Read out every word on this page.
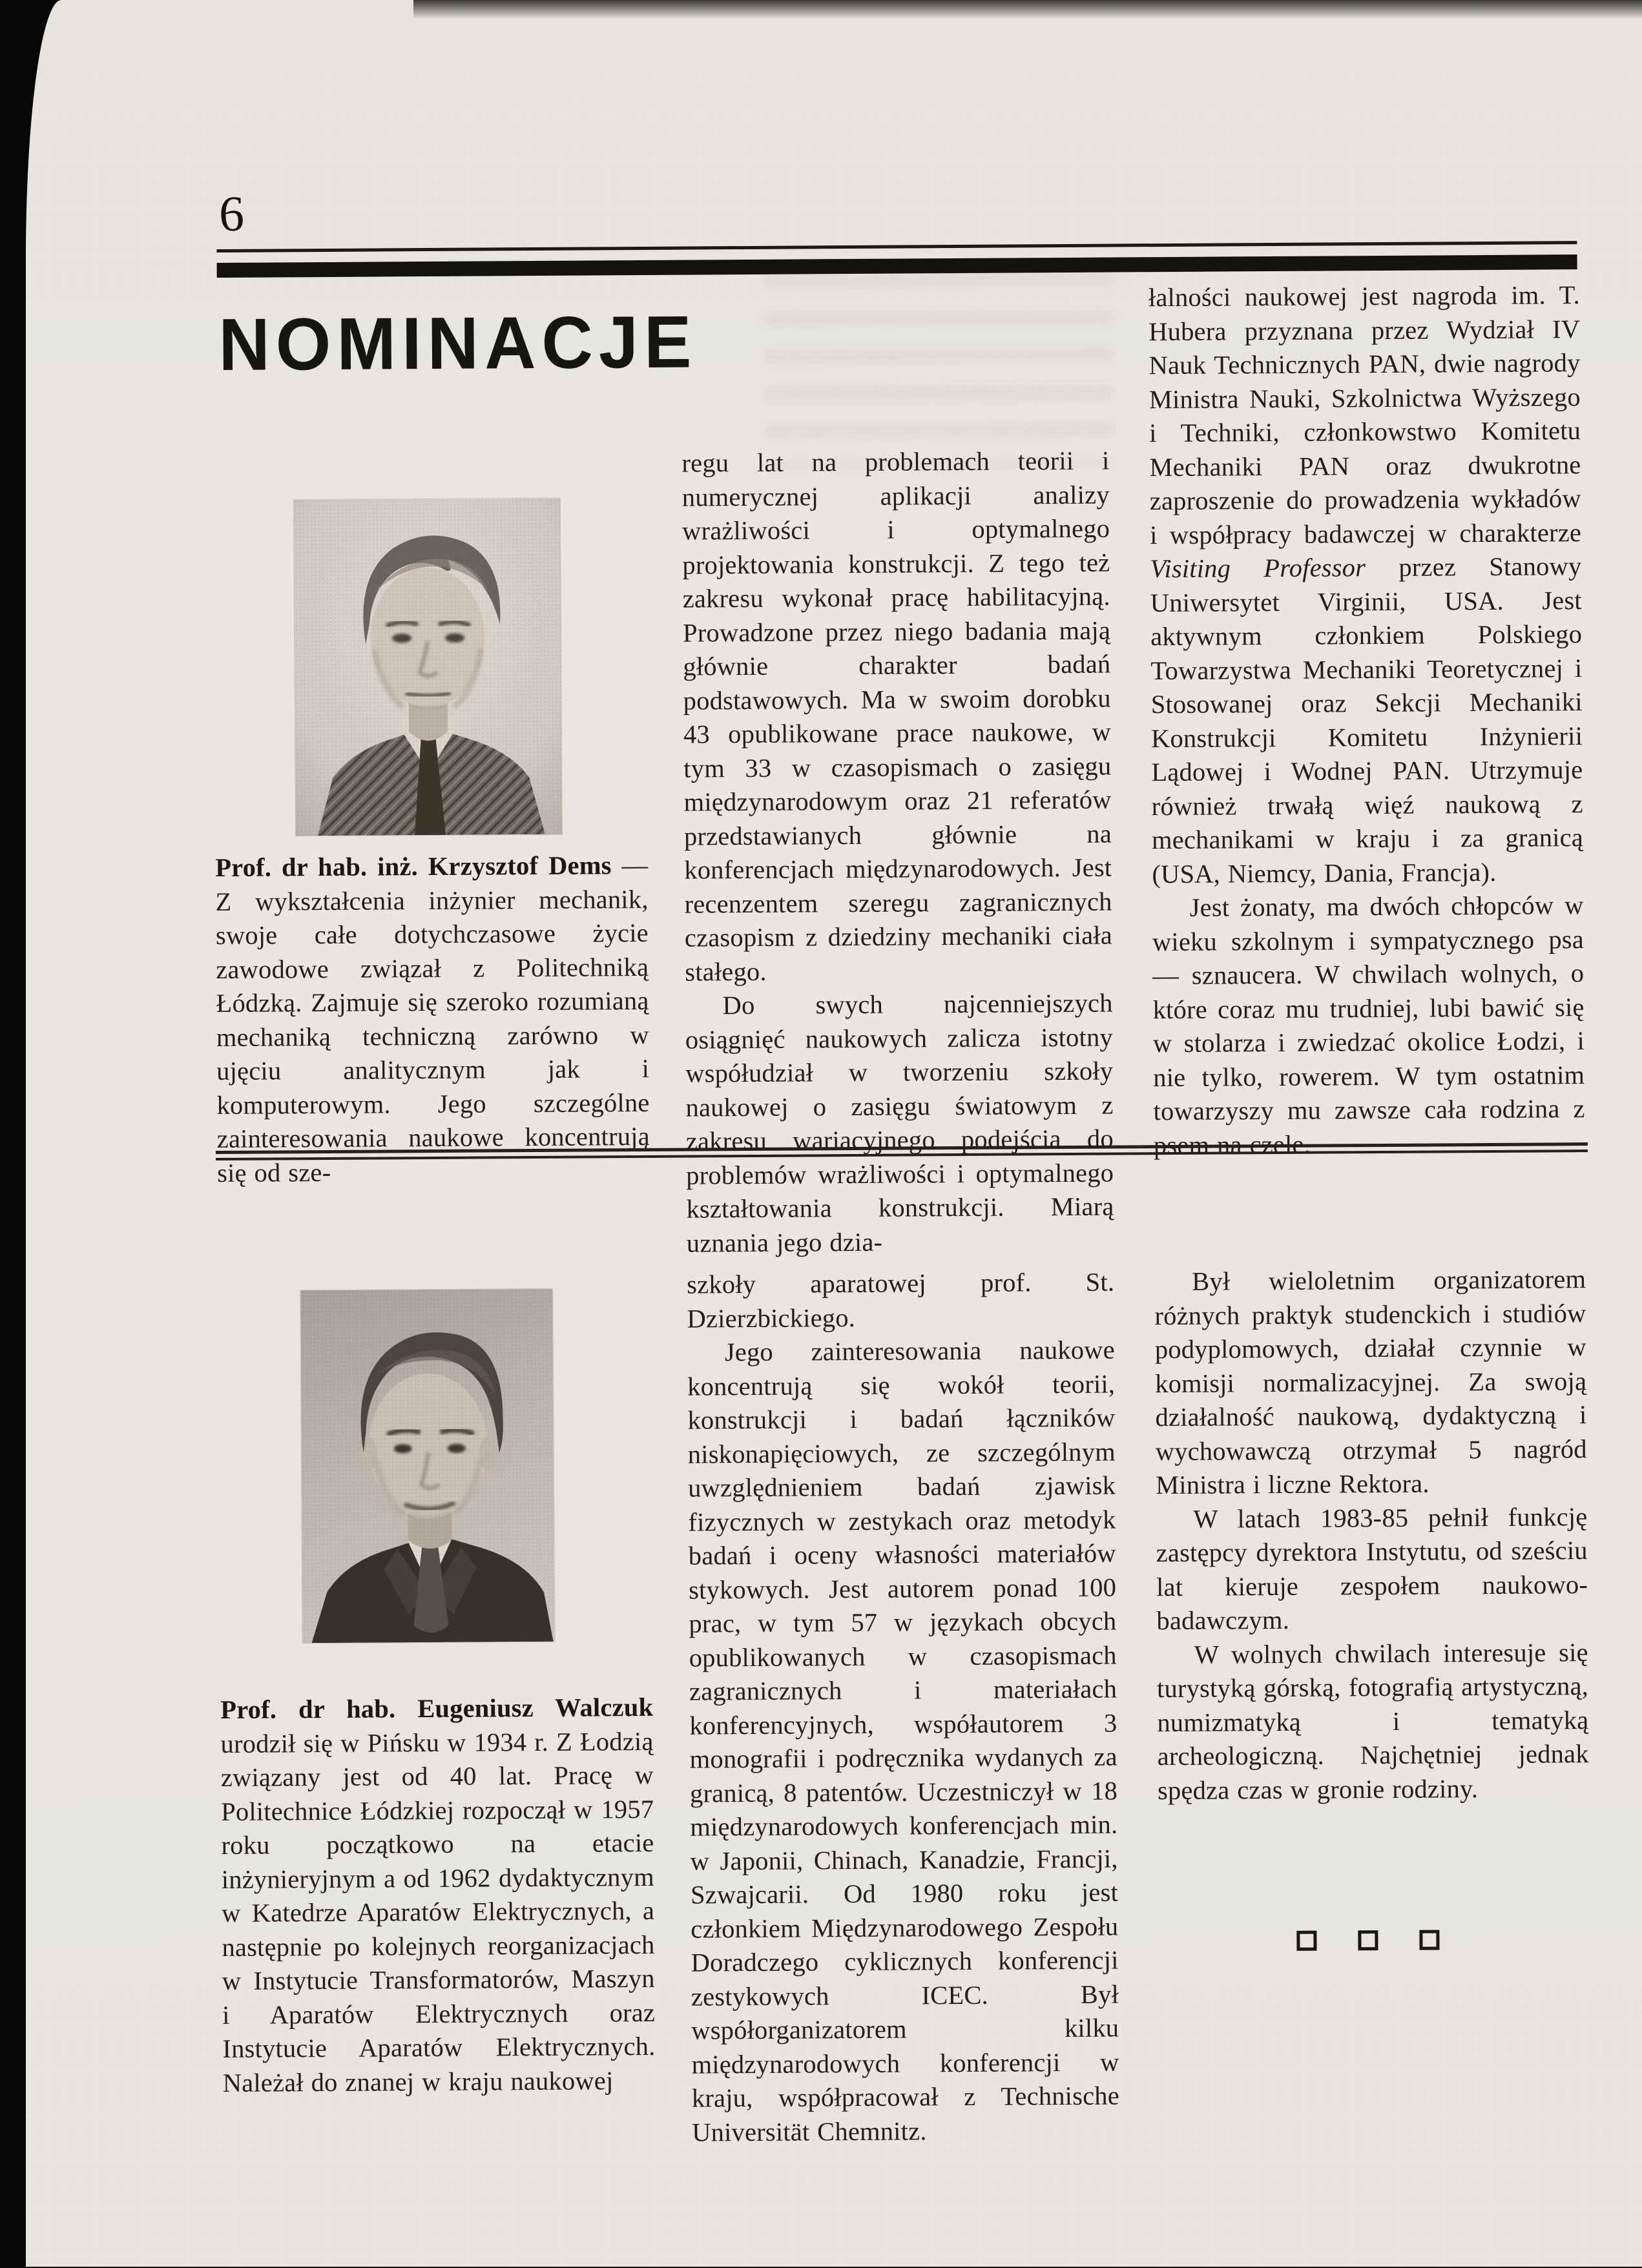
6
NOMINACJE

Prof. dr hab. inż. Krzysztof Dems — Z wykształcenia inżynier mechanik, swoje całe dotychczasowe życie zawodowe związał z Politechniką Łódzką. Zajmuje się szeroko rozumianą mechaniką techniczną zarówno w ujęciu analitycznym jak i komputerowym. Jego szczególne zainteresowania naukowe koncentrują się od sze-

regu lat na problemach teorii i numerycznej aplikacji analizy wrażliwości i optymalnego projektowania konstrukcji. Z tego też zakresu wykonał pracę habilitacyjną. Prowadzone przez niego badania mają głównie charakter badań podstawowych. Ma w swoim dorobku 43 opublikowane prace naukowe, w tym 33 w czasopismach o zasięgu międzynarodowym oraz 21 referatów przedstawianych głównie na konferencjach międzynarodowych. Jest recenzentem szeregu zagranicznych czasopism z dziedziny mechaniki ciała stałego.

Do swych najcenniejszych osiągnięć naukowych zalicza istotny współudział w tworzeniu szkoły naukowej o zasięgu światowym z zakresu wariacyjnego podejścia do problemów wrażliwości i optymalnego kształtowania konstrukcji. Miarą uznania jego dzia-

łalności naukowej jest nagroda im. T. Hubera przyznana przez Wydział IV Nauk Technicznych PAN, dwie nagrody Ministra Nauki, Szkolnictwa Wyższego i Techniki, członkowstwo Komitetu Mechaniki PAN oraz dwukrotne zaproszenie do prowadzenia wykładów i współpracy badawczej w charakterze Visiting Professor przez Stanowy Uniwersytet Virginii, USA. Jest aktywnym członkiem Polskiego Towarzystwa Mechaniki Teoretycznej i Stosowanej oraz Sekcji Mechaniki Konstrukcji Komitetu Inżynierii Lądowej i Wodnej PAN. Utrzymuje również trwałą więź naukową z mechanikami w kraju i za granicą (USA, Niemcy, Dania, Francja).

Jest żonaty, ma dwóch chłopców w wieku szkolnym i sympatycznego psa — sznaucera. W chwilach wolnych, o które coraz mu trudniej, lubi bawić się w stolarza i zwiedzać okolice Łodzi, i nie tylko, rowerem. W tym ostatnim towarzyszy mu zawsze cała rodzina z psem na czele.

Prof. dr hab. Eugeniusz Walczuk urodził się w Pińsku w 1934 r. Z Łodzią związany jest od 40 lat. Pracę w Politechnice Łódzkiej rozpoczął w 1957 roku początkowo na etacie inżynieryjnym a od 1962 dydaktycznym w Katedrze Aparatów Elektrycznych, a następnie po kolejnych reorganizacjach w Instytucie Transformatorów, Maszyn i Aparatów Elektrycznych oraz Instytucie Aparatów Elektrycznych. Należał do znanej w kraju naukowej

szkoły aparatowej prof. St. Dzierzbickiego.

Jego zainteresowania naukowe koncentrują się wokół teorii, konstrukcji i badań łączników niskonapięciowych, ze szczególnym uwzględnieniem badań zjawisk fizycznych w zestykach oraz metodyk badań i oceny własności materiałów stykowych. Jest autorem ponad 100 prac, w tym 57 w językach obcych opublikowanych w czasopismach zagranicznych i materiałach konferencyjnych, współautorem 3 monografii i podręcznika wydanych za granicą, 8 patentów. Uczestniczył w 18 międzynarodowych konferencjach min. w Japonii, Chinach, Kanadzie, Francji, Szwajcarii. Od 1980 roku jest członkiem Międzynarodowego Zespołu Doradczego cyklicznych konferencji zestykowych ICEC. Był współorganizatorem kilku międzynarodowych konferencji w kraju, współpracował z Technische Universität Chemnitz.

Był wieloletnim organizatorem różnych praktyk studenckich i studiów podyplomowych, działał czynnie w komisji normalizacyjnej. Za swoją działalność naukową, dydaktyczną i wychowawczą otrzymał 5 nagród Ministra i liczne Rektora.

W latach 1983-85 pełnił funkcję zastępcy dyrektora Instytutu, od sześciu lat kieruje zespołem naukowo-badawczym.

W wolnych chwilach interesuje się turystyką górską, fotografią artystyczną, numizmatyką i tematyką archeologiczną. Najchętniej jednak spędza czas w gronie rodziny.
